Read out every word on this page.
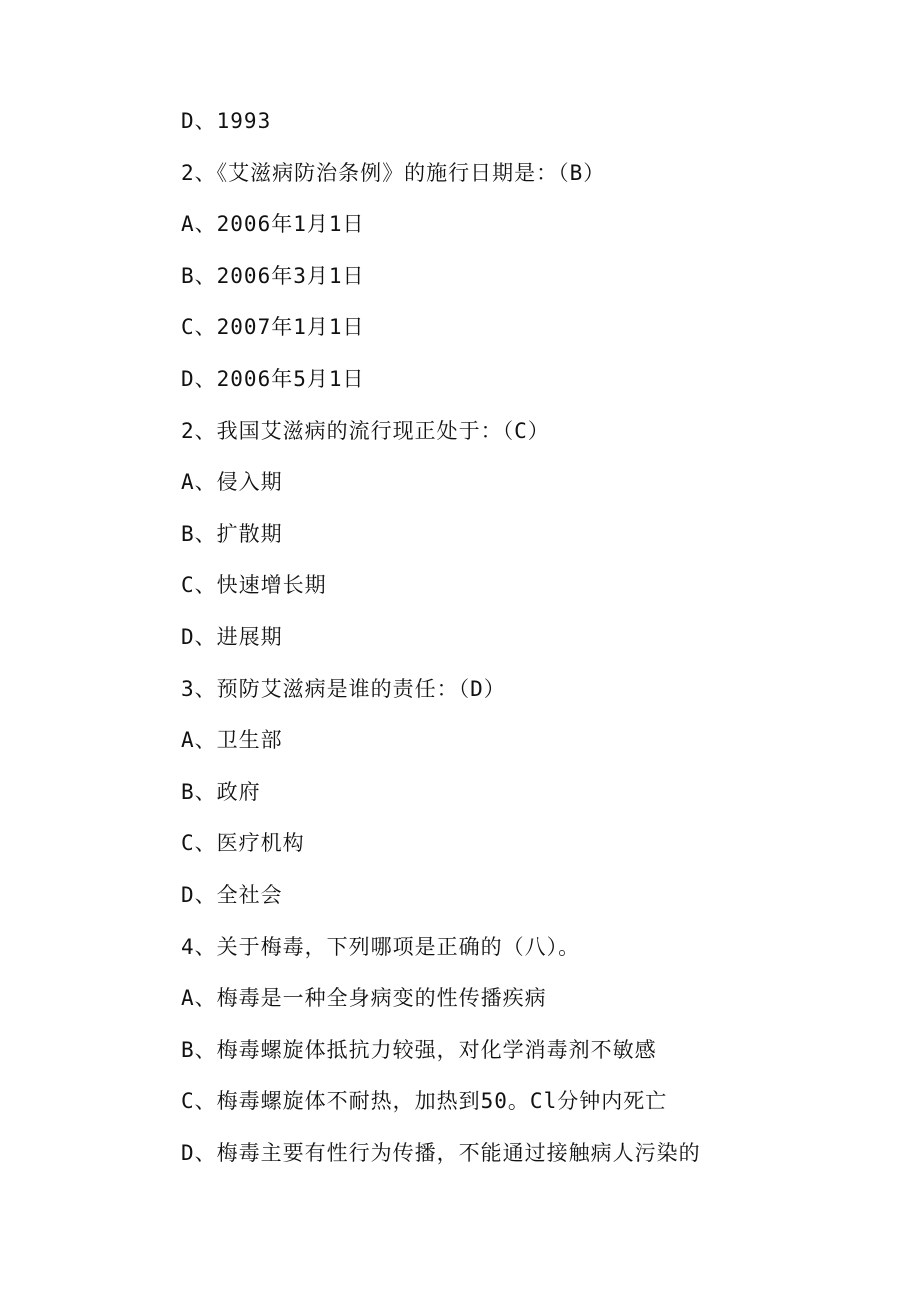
D、1993
2、《艾滋病防治条例》的施行日期是：（B）
A、2006年1月1日
B、2006年3月1日
C、2007年1月1日
D、2006年5月1日
2、我国艾滋病的流行现正处于：（C）
A、侵入期
B、扩散期
C、快速增长期
D、进展期
3、预防艾滋病是谁的责任：（D）
A、卫生部
B、政府
C、医疗机构
D、全社会
4、关于梅毒，下列哪项是正确的（八）。
A、梅毒是一种全身病变的性传播疾病
B、梅毒螺旋体抵抗力较强，对化学消毒剂不敏感
C、梅毒螺旋体不耐热，加热到50。Cl分钟内死亡
D、梅毒主要有性行为传播，不能通过接触病人污染的
